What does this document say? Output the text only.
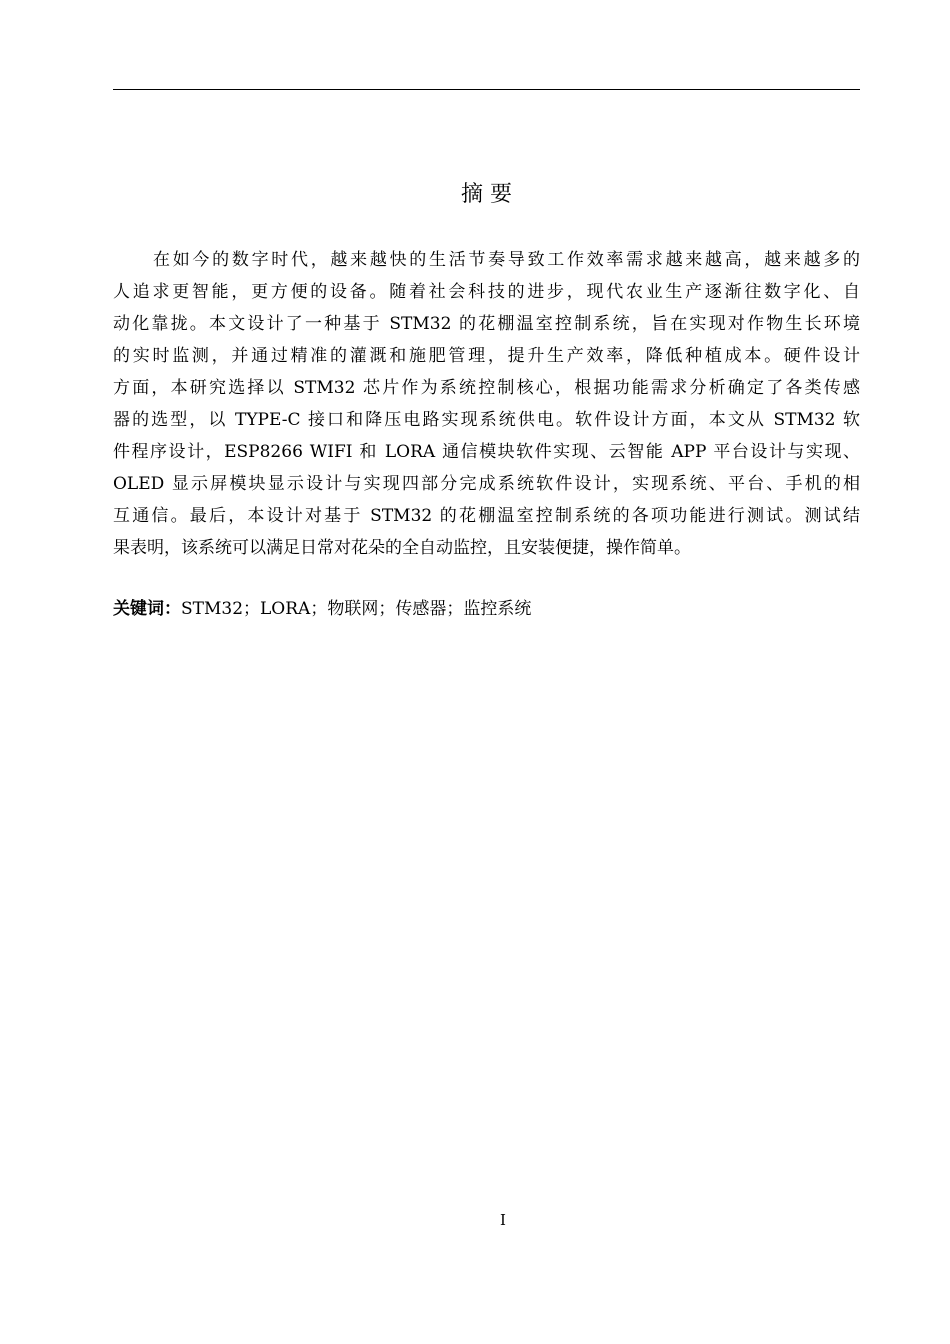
摘 要
在如今的数字时代，越来越快的生活节奏导致工作效率需求越来越高，越来越多的
人追求更智能，更方便的设备。随着社会科技的进步，现代农业生产逐渐往数字化、自
动化靠拢。本文设计了一种基于 STM32 的花棚温室控制系统，旨在实现对作物生长环境
的实时监测，并通过精准的灌溉和施肥管理，提升生产效率，降低种植成本。硬件设计
方面，本研究选择以 STM32 芯片作为系统控制核心，根据功能需求分析确定了各类传感
器的选型，以 TYPE-C 接口和降压电路实现系统供电。软件设计方面，本文从 STM32 软
件程序设计，ESP8266 WIFI 和 LORA 通信模块软件实现、云智能 APP 平台设计与实现、
OLED 显示屏模块显示设计与实现四部分完成系统软件设计，实现系统、平台、手机的相
互通信。最后，本设计对基于 STM32 的花棚温室控制系统的各项功能进行测试。测试结
果表明，该系统可以满足日常对花朵的全自动监控，且安装便捷，操作简单。
关键词：STM32；LORA；物联网；传感器；监控系统
I
